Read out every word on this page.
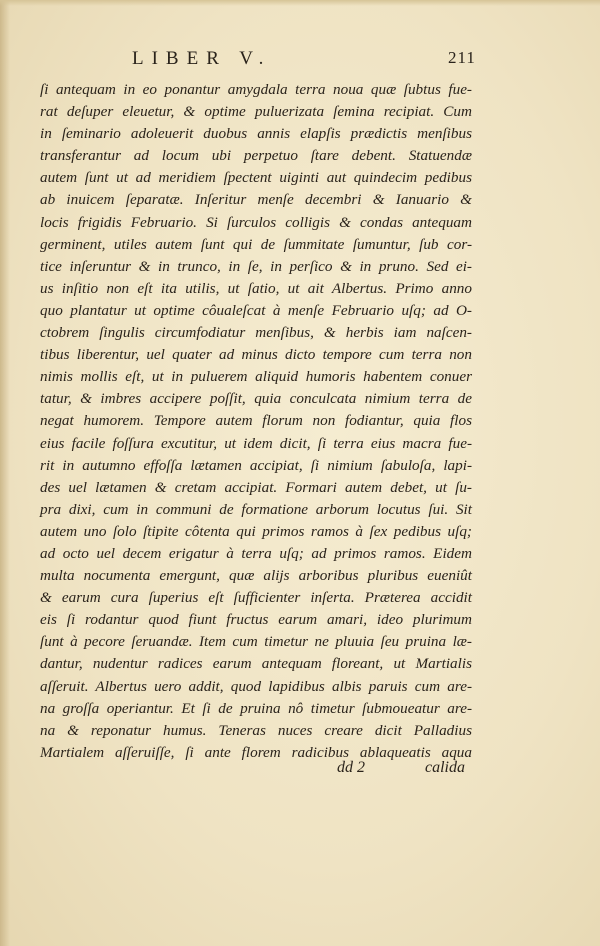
LIBER V.	211
ſi antequam in eo ponantur amygdala terra noua quæ ſubtus fue-
rat deſuper eleuetur, & optime puluerizata ſemina recipiat. Cum
in ſeminario adoleuerit duobus annis elapſis prædictis menſibus
transferantur ad locum ubi perpetuo ſtare debent. Statuendæ
autem ſunt ut ad meridiem ſpectent uiginti aut quindecim pedibus
ab inuicem ſeparatæ. Inſeritur menſe decembri & Ianuario &
locis frigidis Februario. Si ſurculos colligis & condas antequam
germinent, utiles autem ſunt qui de ſummitate ſumuntur, ſub cor-
tice inſeruntur & in trunco, in ſe, in perſico & in pruno. Sed ei-
us inſitio non eſt ita utilis, ut ſatio, ut ait Albertus. Primo anno
quo plantatur ut optime côualeſcat à menſe Februario uſq; ad O-
ctobrem ſingulis circumfodiatur menſibus, & herbis iam naſcen-
tibus liberentur, uel quater ad minus dicto tempore cum terra non
nimis mollis eſt, ut in puluerem aliquid humoris habentem conuer
tatur, & imbres accipere poſſit, quia conculcata nimium terra de
negat humorem. Tempore autem florum non fodiantur, quia flos
eius facile foſſura excutitur, ut idem dicit, ſi terra eius macra fue-
rit in autumno effoſſa lætamen accipiat, ſi nimium ſabuloſa, lapi-
des uel lætamen & cretam accipiat. Formari autem debet, ut ſu-
pra dixi, cum in communi de formatione arborum locutus ſui. Sit
autem uno ſolo ſtipite côtenta qui primos ramos à ſex pedibus uſq;
ad octo uel decem erigatur à terra uſq; ad primos ramos. Eidem
multa nocumenta emergunt, quæ alijs arboribus pluribus eueniût
& earum cura ſuperius eſt ſufficienter inſerta. Præterea accidit
eis ſi rodantur quod fiunt fructus earum amari, ideo plurimum
ſunt à pecore ſeruandæ. Item cum timetur ne pluuia ſeu pruina læ-
dantur, nudentur radices earum antequam floreant, ut Martialis
aſſeruit. Albertus uero addit, quod lapidibus albis paruis cum are-
na groſſa operiantur. Et ſi de pruina nô timetur ſubmoueatur are-
na & reponatur humus. Teneras nuces creare dicit Palladius
Martialem aſſeruiſſe, ſi ante florem radicibus ablaqueatis aqua
dd 2	calida
